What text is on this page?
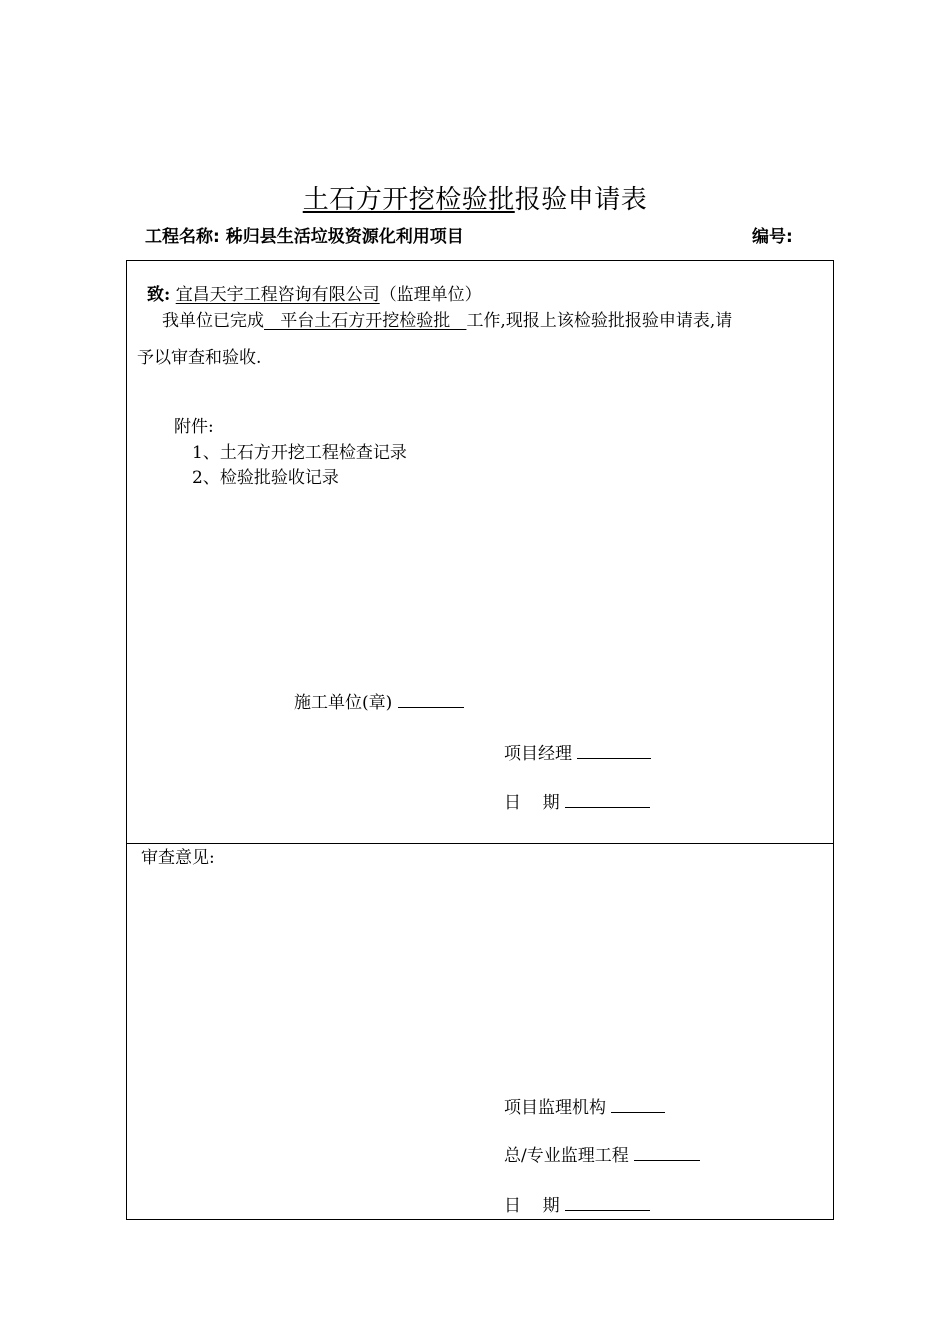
土石方开挖检验批报验申请表
工程名称: 秭归县生活垃圾资源化利用项目	编号:
致: 宜昌天宇工程咨询有限公司（监理单位）
我单位已完成   平台土石方开挖检验批   工作,现报上该检验批报验申请表,请
予以审查和验收.
附件:
1、土石方开挖工程检查记录
2、检验批验收记录
施工单位(章)
项目经理
日    期
审查意见:
项目监理机构
总/专业监理工程
日    期
